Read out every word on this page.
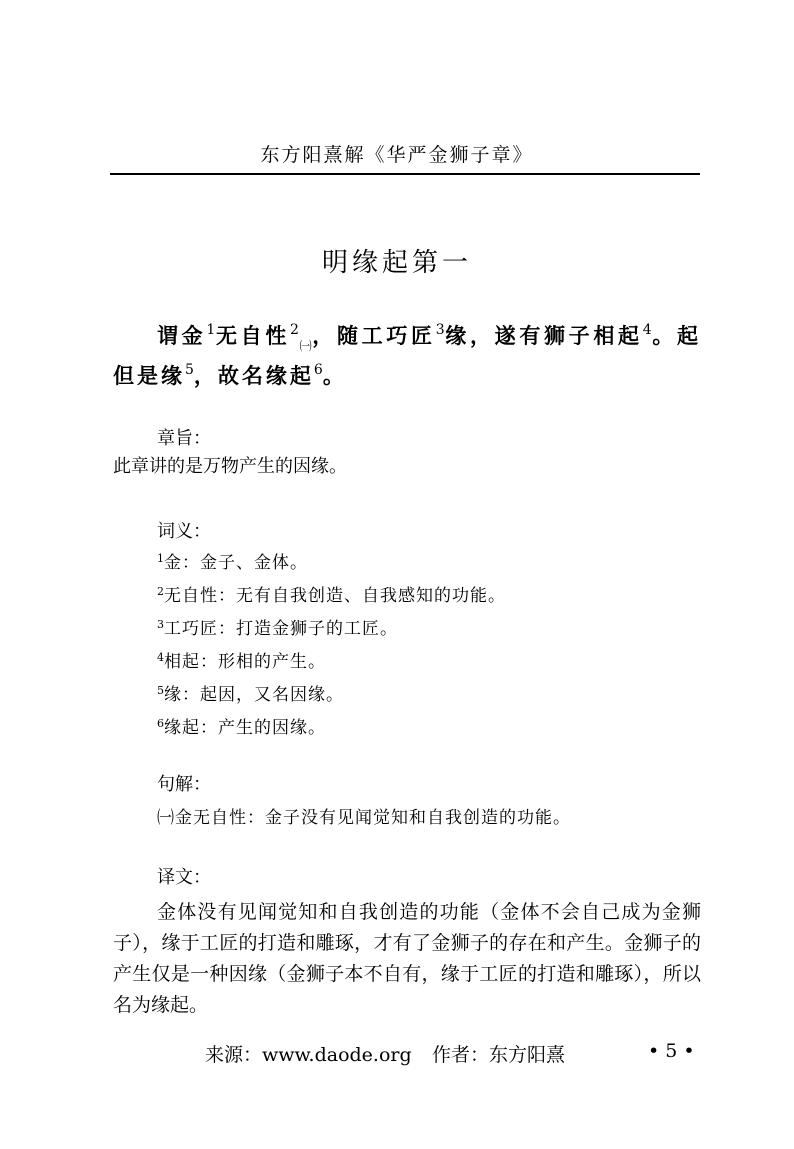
东方阳熹解《华严金狮子章》
明缘起第一
谓金$^1$无自性$^2_㈠$，随工巧匠$^3$缘，遂有狮子相起$^4$。起但是缘$^5$，故名缘起$^6$。
章旨：
此章讲的是万物产生的因缘。
词义：
$^1$金：金子、金体。
$^2$无自性：无有自我创造、自我感知的功能。
$^3$工巧匠：打造金狮子的工匠。
$^4$相起：形相的产生。
$^5$缘：起因，又名因缘。
$^6$缘起：产生的因缘。
句解：
㈠金无自性：金子没有见闻觉知和自我创造的功能。
译文：
金体没有见闻觉知和自我创造的功能（金体不会自己成为金狮子），缘于工匠的打造和雕琢，才有了金狮子的存在和产生。金狮子的产生仅是一种因缘（金狮子本不自有，缘于工匠的打造和雕琢），所以名为缘起。
来源：www.daode.org 作者：东方阳熹	• 5 •
